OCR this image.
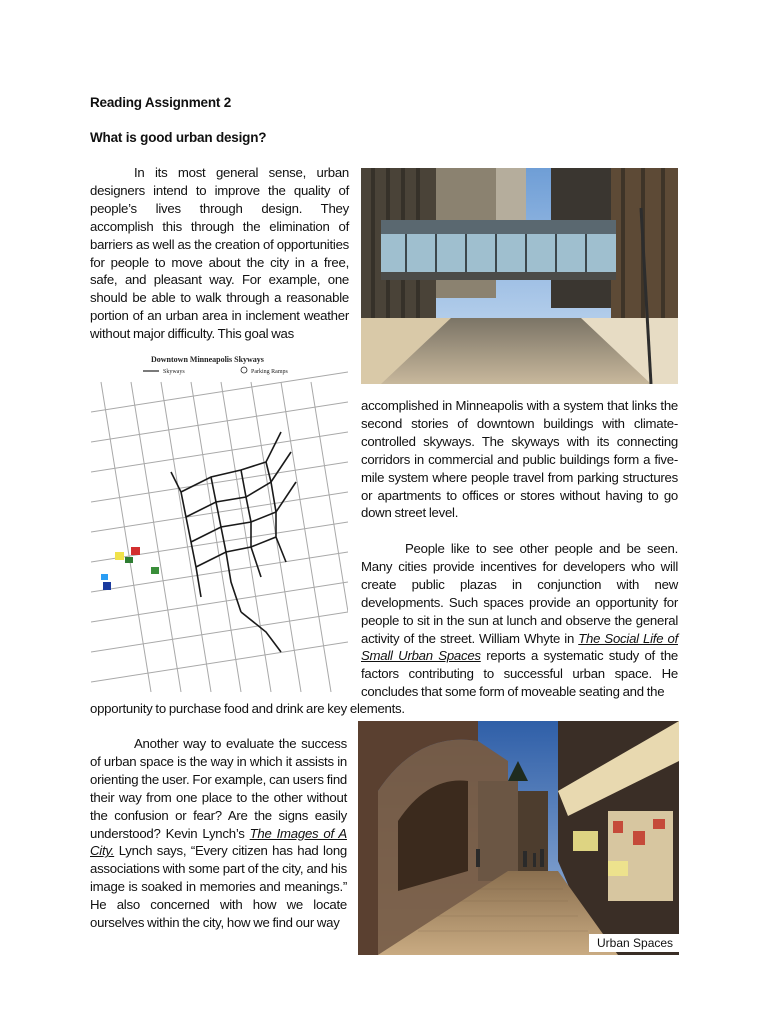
Reading Assignment 2
What is good urban design?
In its most general sense, urban designers intend to improve the quality of people’s lives through design. They accomplish this through the elimination of barriers as well as the creation of opportunities for people to move about the city in a free, safe, and pleasant way. For example, one should be able to walk through a reasonable portion of an urban area in inclement weather without major difficulty. This goal was
Downtown Minneapolis Skyways
Skyways	Parking Ramps
accomplished in Minneapolis with a system that links the second stories of downtown buildings with climate-controlled skyways. The skyways with its connecting corridors in commercial and public buildings form a five-mile system where people travel from parking structures or apartments to offices or stores without having to go down street level.
People like to see other people and be seen. Many cities provide incentives for developers who will create public plazas in conjunction with new developments. Such spaces provide an opportunity for people to sit in the sun at lunch and observe the general activity of the street. William Whyte in The Social Life of Small Urban Spaces reports a systematic study of the factors contributing to successful urban space. He concludes that some form of moveable seating and the
opportunity to purchase food and drink are key elements.
Another way to evaluate the success of urban space is the way in which it assists in orienting the user. For example, can users find their way from one place to the other without the confusion or fear? Are the signs easily understood? Kevin Lynch’s The Images of A City. Lynch says, “Every citizen has had long associations with some part of the city, and his image is soaked in memories and meanings.” He also concerned with how we locate ourselves within the city, how we find our way
Urban Spaces
